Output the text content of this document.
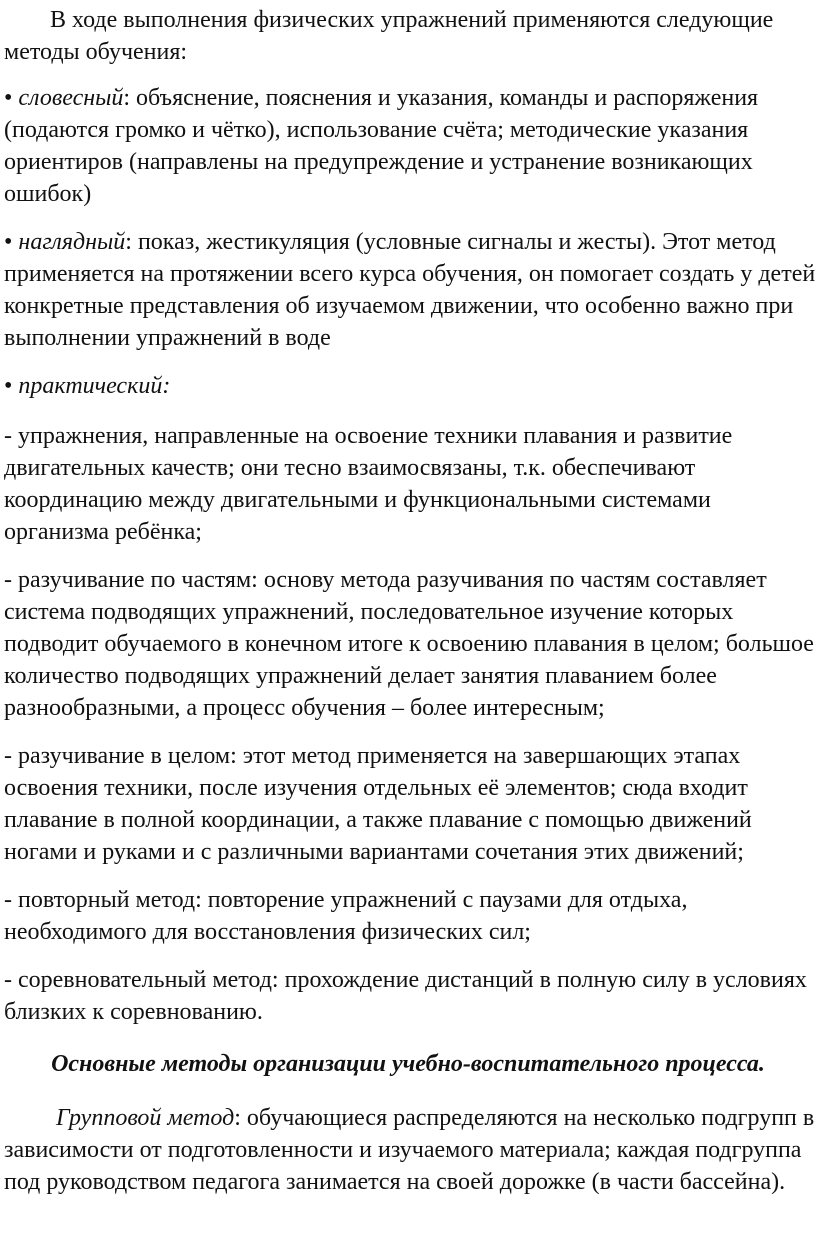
В ходе выполнения физических упражнений применяются следующие методы обучения:

• словесный: объяснение, пояснения и указания, команды и распоряжения (подаются громко и чётко), использование счёта; методические указания ориентиров (направлены на предупреждение и устранение возникающих ошибок)

• наглядный: показ, жестикуляция (условные сигналы и жесты). Этот метод применяется на протяжении всего курса обучения, он помогает создать у детей конкретные представления об изучаемом движении, что особенно важно при выполнении упражнений в воде

• практический:

- упражнения, направленные на освоение техники плавания и развитие двигательных качеств; они тесно взаимосвязаны, т.к. обеспечивают координацию между двигательными и функциональными системами организма ребёнка;

- разучивание по частям: основу метода разучивания по частям составляет система подводящих упражнений, последовательное изучение которых подводит обучаемого в конечном итоге к освоению плавания в целом; большое количество подводящих упражнений делает занятия плаванием более разнообразными, а процесс обучения – более интересным;

- разучивание в целом: этот метод применяется на завершающих этапах освоения техники, после изучения отдельных её элементов; сюда входит плавание в полной координации, а также плавание с помощью движений ногами и руками и с различными вариантами сочетания этих движений;

- повторный метод: повторение упражнений с паузами для отдыха, необходимого для восстановления физических сил;

- соревновательный метод: прохождение дистанций в полную силу в условиях близких к соревнованию.

Основные методы организации учебно-воспитательного процесса.

Групповой метод: обучающиеся распределяются на несколько подгрупп в зависимости от подготовленности и изучаемого материала; каждая подгруппа под руководством педагога занимается на своей дорожке (в части бассейна).
